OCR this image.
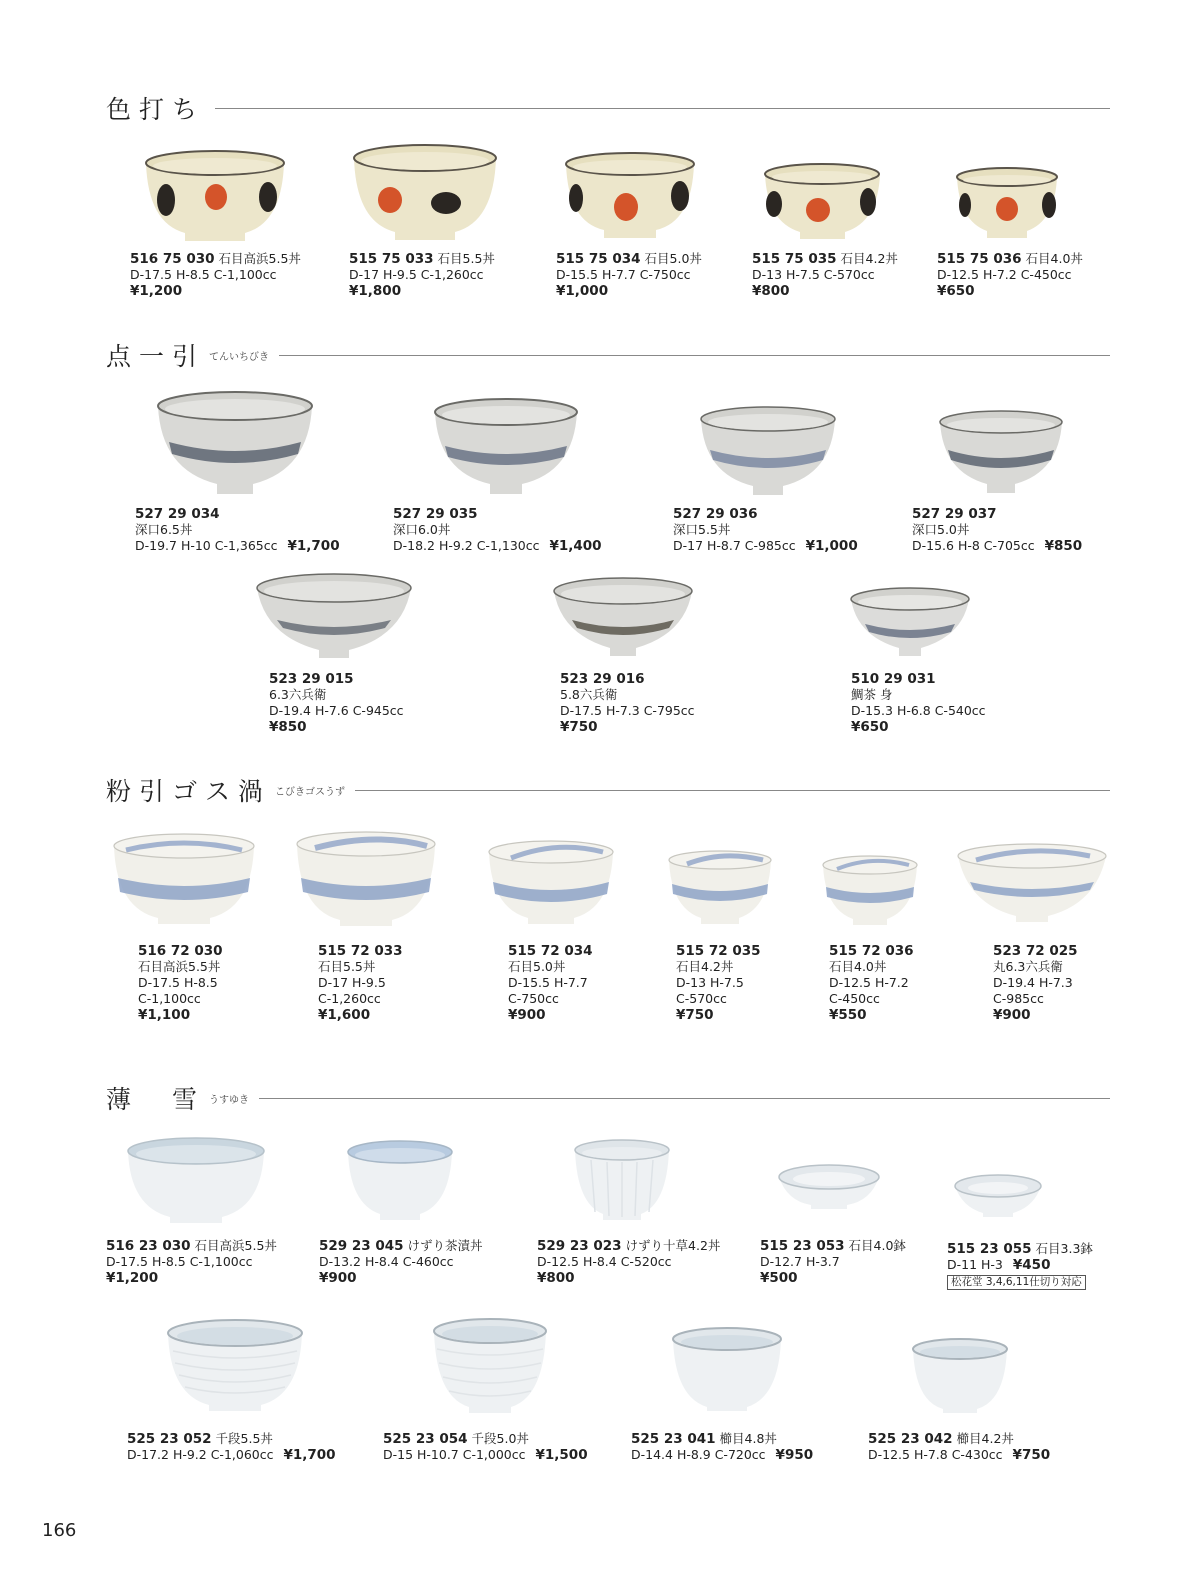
色打ち
516 75 030 石目高浜5.5丼
D-17.5 H-8.5 C-1,100cc
¥1,200
515 75 033 石目5.5丼
D-17 H-9.5 C-1,260cc
¥1,800
515 75 034 石目5.0丼
D-15.5 H-7.7 C-750cc
¥1,000
515 75 035 石目4.2丼
D-13 H-7.5 C-570cc
¥800
515 75 036 石目4.0丼
D-12.5 H-7.2 C-450cc
¥650
点一引 てんいちびき
527 29 034
深口6.5丼
D-19.7 H-10 C-1,365cc ¥1,700
527 29 035
深口6.0丼
D-18.2 H-9.2 C-1,130cc ¥1,400
527 29 036
深口5.5丼
D-17 H-8.7 C-985cc ¥1,000
527 29 037
深口5.0丼
D-15.6 H-8 C-705cc ¥850
523 29 015
6.3六兵衛
D-19.4 H-7.6 C-945cc
¥850
523 29 016
5.8六兵衛
D-17.5 H-7.3 C-795cc
¥750
510 29 031
鯛茶 身
D-15.3 H-6.8 C-540cc
¥650
粉引ゴス渦 こびきゴスうず
516 72 030
石目高浜5.5丼
D-17.5 H-8.5
C-1,100cc
¥1,100
515 72 033
石目5.5丼
D-17 H-9.5
C-1,260cc
¥1,600
515 72 034
石目5.0丼
D-15.5 H-7.7
C-750cc
¥900
515 72 035
石目4.2丼
D-13 H-7.5
C-570cc
¥750
515 72 036
石目4.0丼
D-12.5 H-7.2
C-450cc
¥550
523 72 025
丸6.3六兵衛
D-19.4 H-7.3
C-985cc
¥900
薄　雪 うすゆき
516 23 030 石目高浜5.5丼
D-17.5 H-8.5 C-1,100cc
¥1,200
529 23 045 けずり茶漬丼
D-13.2 H-8.4 C-460cc
¥900
529 23 023 けずり十草4.2丼
D-12.5 H-8.4 C-520cc
¥800
515 23 053 石目4.0鉢
D-12.7 H-3.7
¥500
515 23 055 石目3.3鉢
D-11 H-3 ¥450
松花堂 3,4,6,11仕切り対応
525 23 052 千段5.5丼
D-17.2 H-9.2 C-1,060cc ¥1,700
525 23 054 千段5.0丼
D-15 H-10.7 C-1,000cc ¥1,500
525 23 041 櫛目4.8丼
D-14.4 H-8.9 C-720cc ¥950
525 23 042 櫛目4.2丼
D-12.5 H-7.8 C-430cc ¥750
166
